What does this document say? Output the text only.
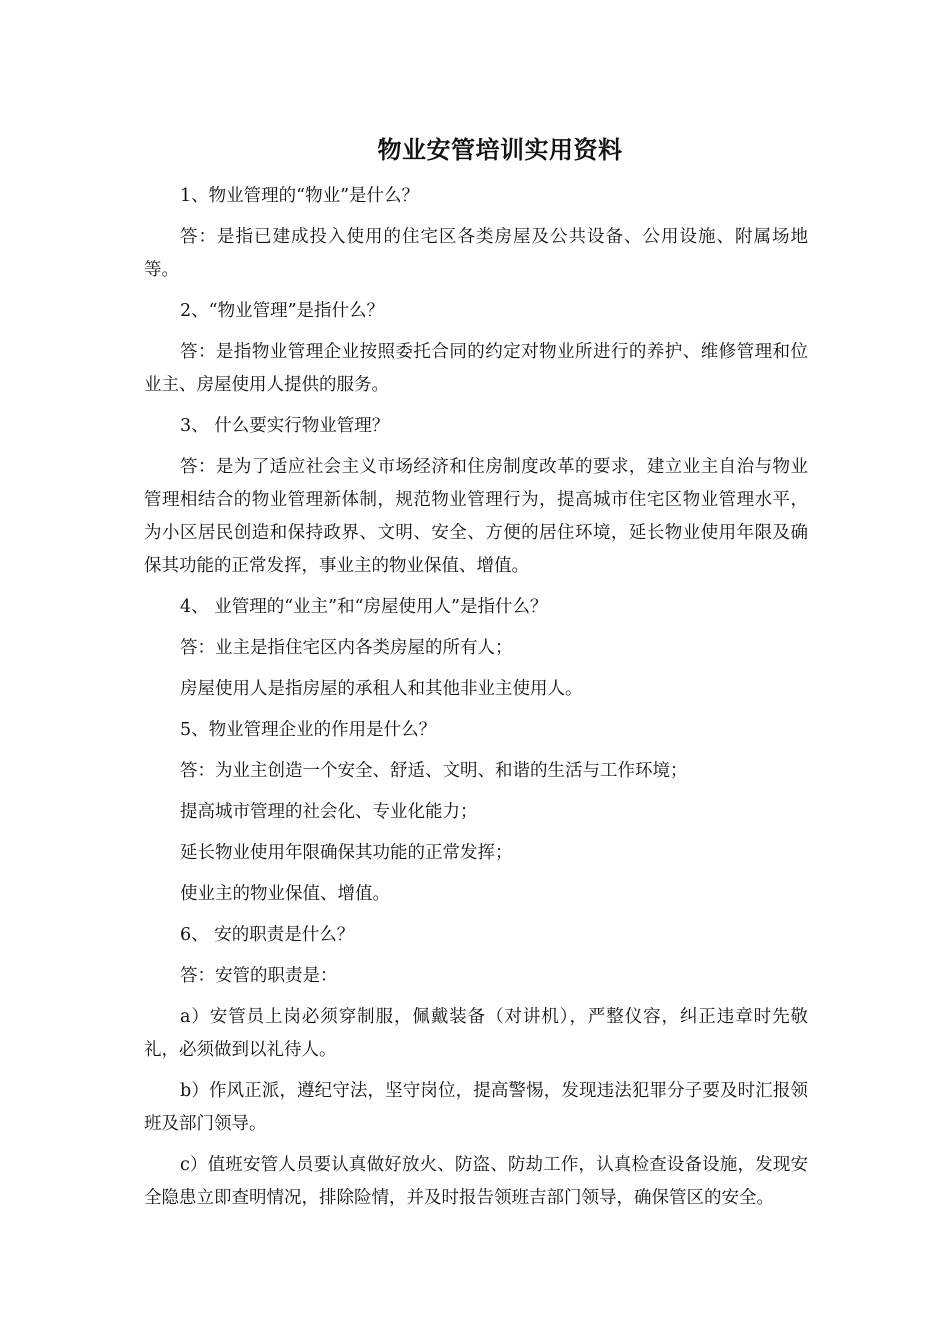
物业安管培训实用资料

1、物业管理的“物业”是什么？

答：是指已建成投入使用的住宅区各类房屋及公共设备、公用设施、附属场地等。

2、“物业管理”是指什么？

答：是指物业管理企业按照委托合同的约定对物业所进行的养护、维修管理和位业主、房屋使用人提供的服务。

3、 什么要实行物业管理？

答：是为了适应社会主义市场经济和住房制度改革的要求，建立业主自治与物业管理相结合的物业管理新体制，规范物业管理行为，提高城市住宅区物业管理水平，为小区居民创造和保持政界、文明、安全、方便的居住环境，延长物业使用年限及确保其功能的正常发挥，事业主的物业保值、增值。

4、 业管理的“业主”和“房屋使用人”是指什么？

答：业主是指住宅区内各类房屋的所有人；

房屋使用人是指房屋的承租人和其他非业主使用人。

5、物业管理企业的作用是什么？

答：为业主创造一个安全、舒适、文明、和谐的生活与工作环境；

提高城市管理的社会化、专业化能力；

延长物业使用年限确保其功能的正常发挥；

使业主的物业保值、增值。

6、 安的职责是什么？

答：安管的职责是：

a）安管员上岗必须穿制服，佩戴装备（对讲机），严整仪容，纠正违章时先敬礼，必须做到以礼待人。

b）作风正派，遵纪守法，坚守岗位，提高警惕，发现违法犯罪分子要及时汇报领班及部门领导。

c）值班安管人员要认真做好放火、防盗、防劫工作，认真检查设备设施，发现安全隐患立即查明情况，排除险情，并及时报告领班吉部门领导，确保管区的安全。
